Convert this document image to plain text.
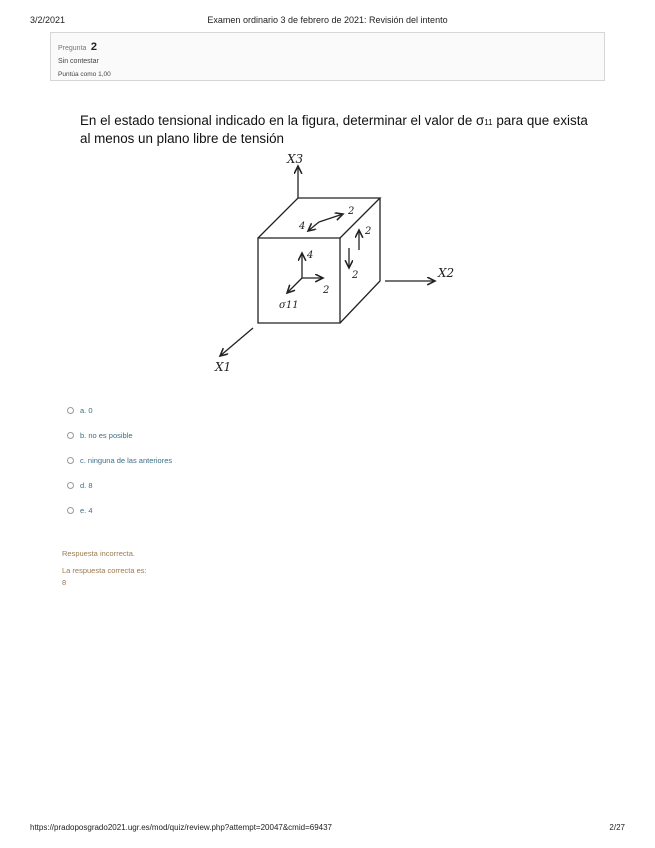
3/2/2021	Examen ordinario 3 de febrero de 2021: Revisión del intento
Pregunta 2
Sin contestar
Puntúa como 1,00
En el estado tensional indicado en la figura, determinar el valor de σ11 para que exista al menos un plano libre de tensión
X3
X2
X1
2
4	2
2
4
2
σ11
a. 0
b. no es posible
c. ninguna de las anteriores
d. 8
e. 4
Respuesta incorrecta.
La respuesta correcta es:
8
https://pradoposgrado2021.ugr.es/mod/quiz/review.php?attempt=20047&cmid=69437	2/27
